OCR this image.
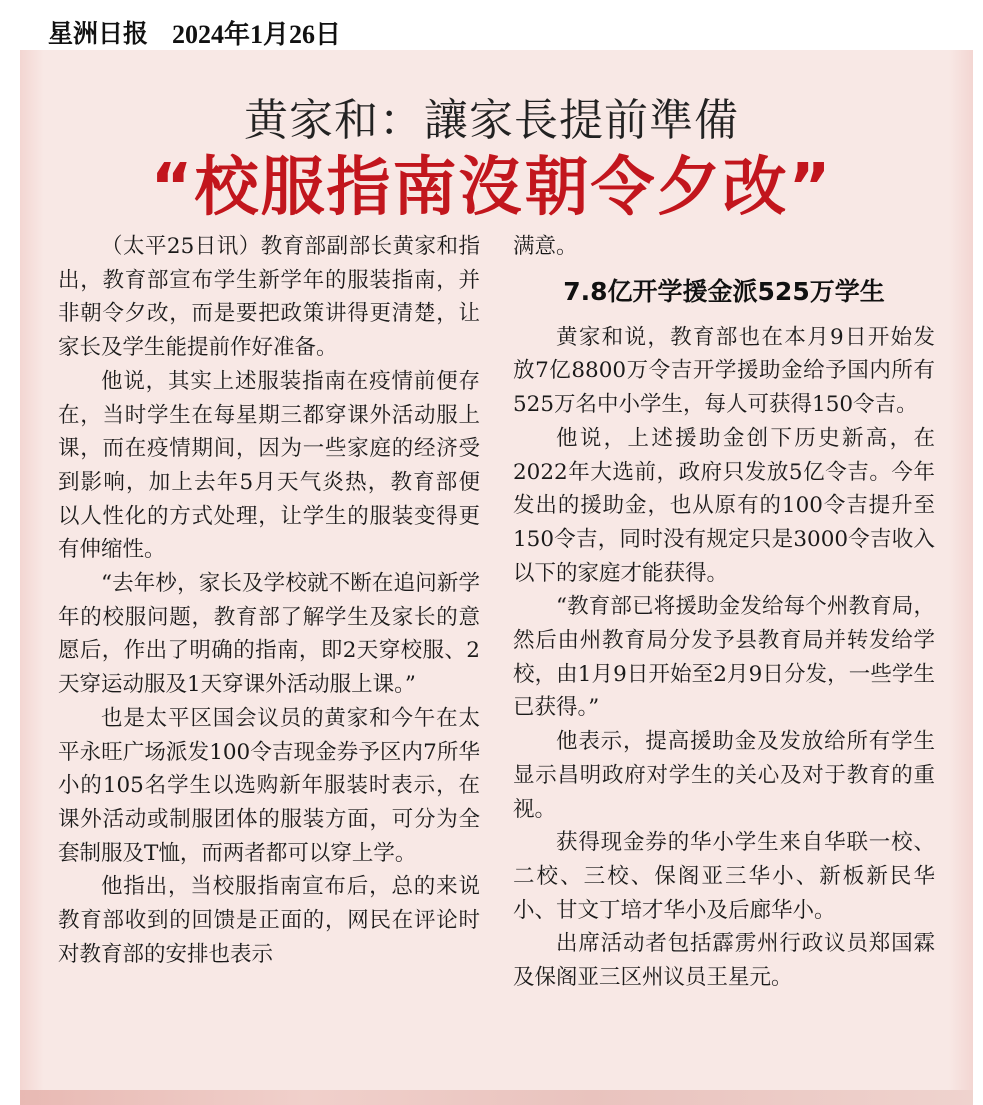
星洲日报 2024年1月26日
黄家和：讓家長提前準備
“校服指南沒朝令夕改”

（太平25日讯）教育部副部长黄家和指出，教育部宣布学生新学年的服装指南，并非朝令夕改，而是要把政策讲得更清楚，让家长及学生能提前作好准备。

他说，其实上述服装指南在疫情前便存在，当时学生在每星期三都穿课外活动服上课，而在疫情期间，因为一些家庭的经济受到影响，加上去年5月天气炎热，教育部便以人性化的方式处理，让学生的服装变得更有伸缩性。

“去年杪，家长及学校就不断在追问新学年的校服问题，教育部了解学生及家长的意愿后，作出了明确的指南，即2天穿校服、2天穿运动服及1天穿课外活动服上课。”

也是太平区国会议员的黄家和今午在太平永旺广场派发100令吉现金券予区内7所华小的105名学生以选购新年服装时表示，在课外活动或制服团体的服装方面，可分为全套制服及T恤，而两者都可以穿上学。

他指出，当校服指南宣布后，总的来说教育部收到的回馈是正面的，网民在评论时对教育部的安排也表示

满意。

7.8亿开学援金派525万学生

黄家和说，教育部也在本月9日开始发放7亿8800万令吉开学援助金给予国内所有525万名中小学生，每人可获得150令吉。

他说，上述援助金创下历史新高，在2022年大选前，政府只发放5亿令吉。今年发出的援助金，也从原有的100令吉提升至150令吉，同时没有规定只是3000令吉收入以下的家庭才能获得。

“教育部已将援助金发给每个州教育局，然后由州教育局分发予县教育局并转发给学校，由1月9日开始至2月9日分发，一些学生已获得。”

他表示，提高援助金及发放给所有学生显示昌明政府对学生的关心及对于教育的重视。

获得现金券的华小学生来自华联一校、二校、三校、保阁亚三华小、新板新民华小、甘文丁培才华小及后廊华小。

出席活动者包括霹雳州行政议员郑国霖及保阁亚三区州议员王星元。
